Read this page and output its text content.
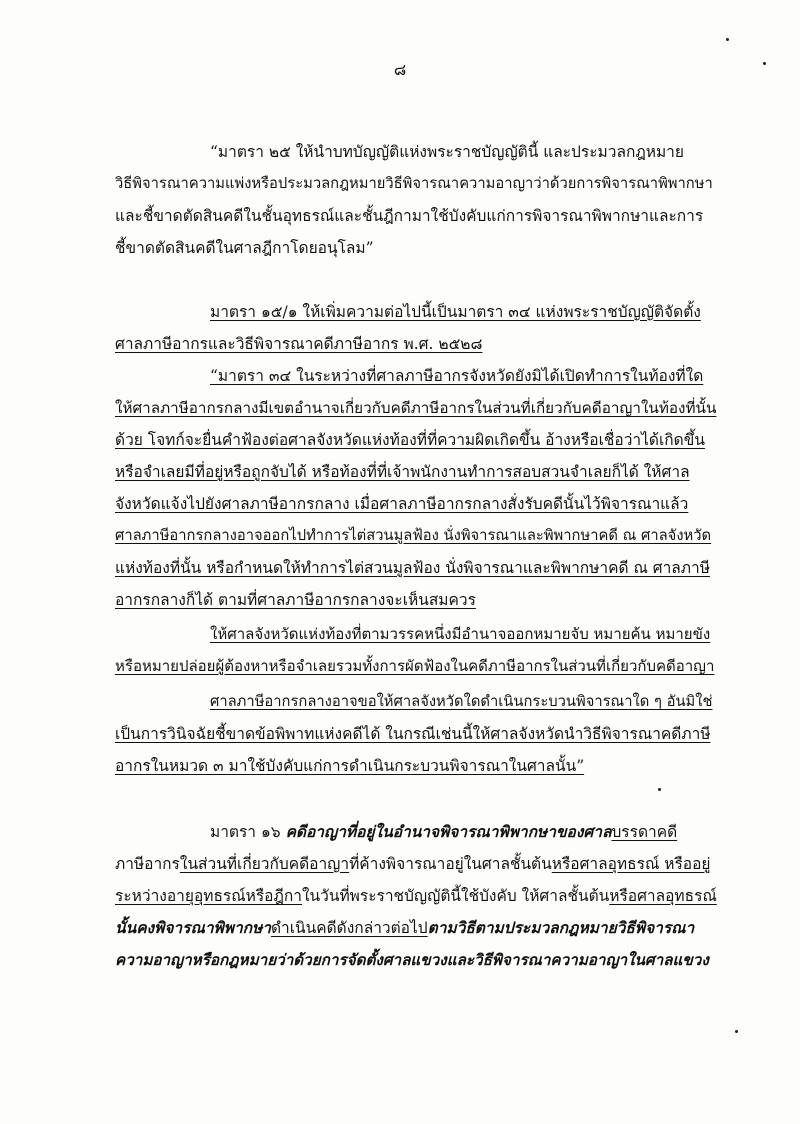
๘
“มาตรา ๒๕ ให้นำบทบัญญัติแห่งพระราชบัญญัตินี้ และประมวลกฎหมาย
วิธีพิจารณาความแพ่งหรือประมวลกฎหมายวิธีพิจารณาความอาญาว่าด้วยการพิจารณาพิพากษา
และชี้ขาดตัดสินคดีในชั้นอุทธรณ์และชั้นฎีกามาใช้บังคับแก่การพิจารณาพิพากษาและการ
ชี้ขาดตัดสินคดีในศาลฎีกาโดยอนุโลม”
มาตรา ๑๕/๑ ให้เพิ่มความต่อไปนี้เป็นมาตรา ๓๔ แห่งพระราชบัญญัติจัดตั้ง
ศาลภาษีอากรและวิธีพิจารณาคดีภาษีอากร พ.ศ. ๒๕๒๘
“มาตรา ๓๔ ในระหว่างที่ศาลภาษีอากรจังหวัดยังมิได้เปิดทำการในท้องที่ใด
ให้ศาลภาษีอากรกลางมีเขตอำนาจเกี่ยวกับคดีภาษีอากรในส่วนที่เกี่ยวกับคดีอาญาในท้องที่นั้น
ด้วย โจทก์จะยื่นคำฟ้องต่อศาลจังหวัดแห่งท้องที่ที่ความผิดเกิดขึ้น อ้างหรือเชื่อว่าได้เกิดขึ้น
หรือจำเลยมีที่อยู่หรือถูกจับได้ หรือท้องที่ที่เจ้าพนักงานทำการสอบสวนจำเลยก็ได้ ให้ศาล
จังหวัดแจ้งไปยังศาลภาษีอากรกลาง เมื่อศาลภาษีอากรกลางสั่งรับคดีนั้นไว้พิจารณาแล้ว
ศาลภาษีอากรกลางอาจออกไปทำการไต่สวนมูลฟ้อง นั่งพิจารณาและพิพากษาคดี ณ ศาลจังหวัด
แห่งท้องที่นั้น หรือกำหนดให้ทำการไต่สวนมูลฟ้อง นั่งพิจารณาและพิพากษาคดี ณ ศาลภาษี
อากรกลางก็ได้ ตามที่ศาลภาษีอากรกลางจะเห็นสมควร
ให้ศาลจังหวัดแห่งท้องที่ตามวรรคหนึ่งมีอำนาจออกหมายจับ หมายค้น หมายขัง
หรือหมายปล่อยผู้ต้องหาหรือจำเลยรวมทั้งการผัดฟ้องในคดีภาษีอากรในส่วนที่เกี่ยวกับคดีอาญา
ศาลภาษีอากรกลางอาจขอให้ศาลจังหวัดใดดำเนินกระบวนพิจารณาใด ๆ อันมิใช่
เป็นการวินิจฉัยชี้ขาดข้อพิพาทแห่งคดีได้ ในกรณีเช่นนี้ให้ศาลจังหวัดนำวิธีพิจารณาคดีภาษี
อากรในหมวด ๓ มาใช้บังคับแก่การดำเนินกระบวนพิจารณาในศาลนั้น”
มาตรา ๑๖ คดีอาญาที่อยู่ในอำนาจพิจารณาพิพากษาของศาลบรรดาคดี
ภาษีอากรในส่วนที่เกี่ยวกับคดีอาญาที่ค้างพิจารณาอยู่ในศาลชั้นต้นหรือศาลอุทธรณ์ หรืออยู่
ระหว่างอายุอุทธรณ์หรือฎีกาในวันที่พระราชบัญญัตินี้ใช้บังคับ ให้ศาลชั้นต้นหรือศาลอุทธรณ์
นั้นคงพิจารณาพิพากษาดำเนินคดีดังกล่าวต่อไปตามวิธีตามประมวลกฎหมายวิธีพิจารณา
ความอาญาหรือกฎหมายว่าด้วยการจัดตั้งศาลแขวงและวิธีพิจารณาความอาญาในศาลแขวง
